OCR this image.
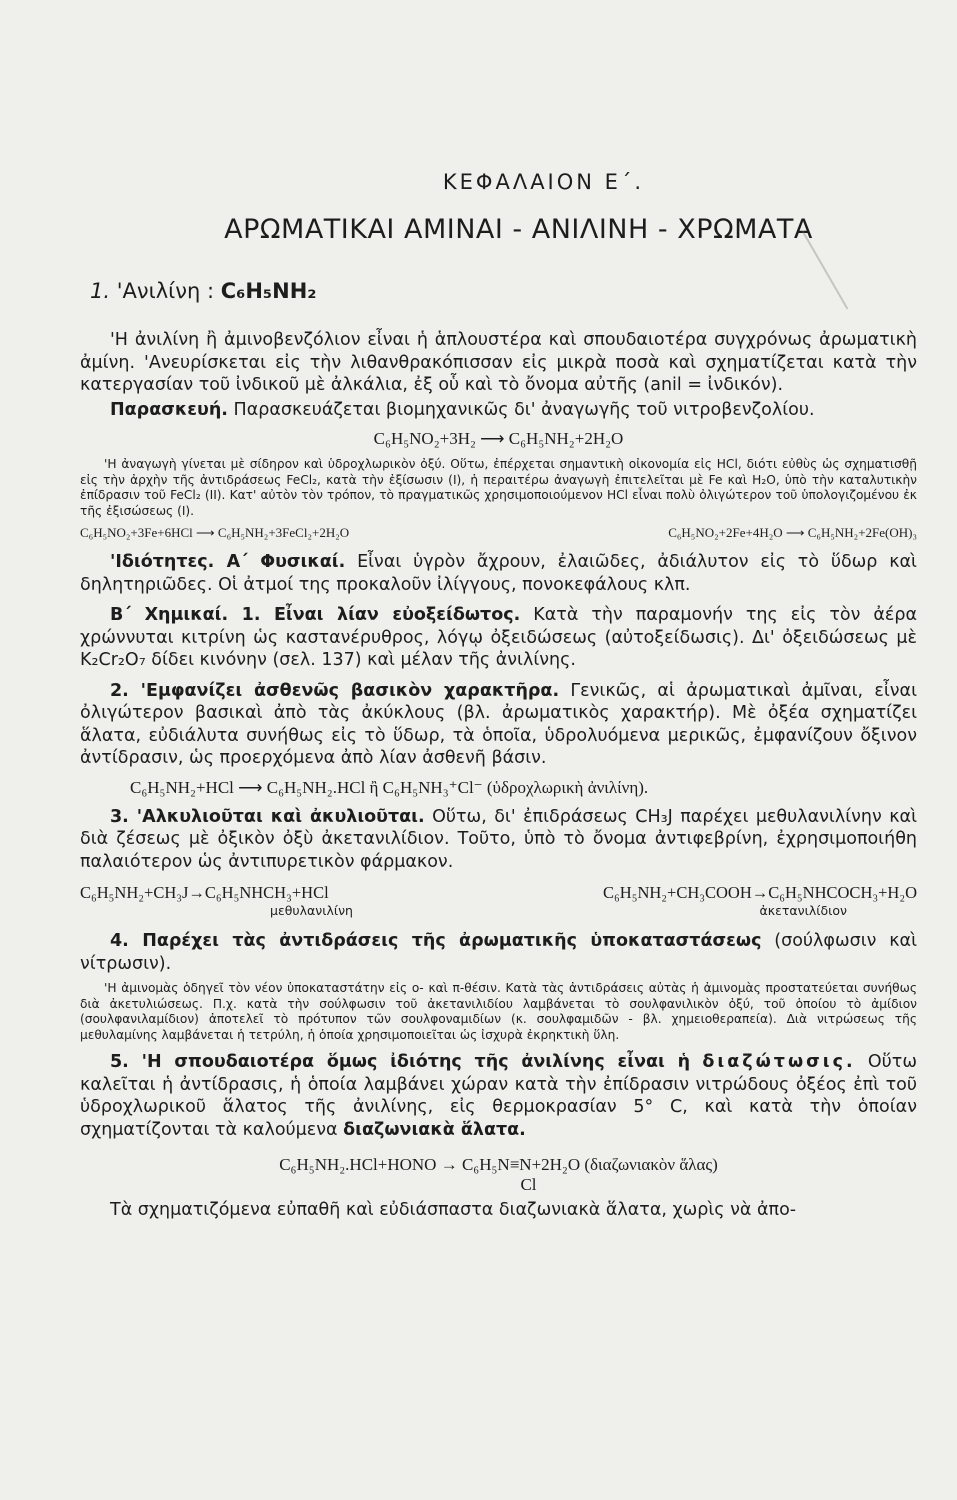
ΚΕΦΑΛΑΙΟΝ Ε΄.
ΑΡΩΜΑΤΙΚΑΙ ΑΜΙΝΑΙ - ΑΝΙΛΙΝΗ - ΧΡΩΜΑΤΑ
1. 'Ανιλίνη : C₆H₅NH₂

'Η ἀνιλίνη ἢ ἀμινοβενζόλιον εἶναι ἡ ἁπλουστέρα καὶ σπουδαιοτέρα συγχρόνως ἀρωματικὴ ἀμίνη. 'Ανευρίσκεται εἰς τὴν λιθανθρακόπισσαν εἰς μικρὰ ποσὰ καὶ σχηματίζεται κατὰ τὴν κατεργασίαν τοῦ ἰνδικοῦ μὲ ἀλκάλια, ἐξ οὗ καὶ τὸ ὄνομα αὐτῆς (anil = ἰνδικόν).

Παρασκευή. Παρασκευάζεται βιομηχανικῶς δι' ἀναγωγῆς τοῦ νιτροβενζολίου.

C₆H₅NO₂+3H₂ ⟶ C₆H₅NH₂+2H₂O

'Η ἀναγωγὴ γίνεται μὲ σίδηρον καὶ ὑδροχλωρικὸν ὀξύ. Οὕτω, ἐπέρχεται σημαντικὴ οἰκονομία εἰς HCl, διότι εὐθὺς ὡς σχηματισθῇ εἰς τὴν ἀρχὴν τῆς ἀντιδράσεως FeCl₂, κατὰ τὴν ἐξίσωσιν (I), ἡ περαιτέρω ἀναγωγὴ ἐπιτελεῖται μὲ Fe καὶ H₂O, ὑπὸ τὴν καταλυτικὴν ἐπίδρασιν τοῦ FeCl₂ (II). Κατ' αὐτὸν τὸν τρόπον, τὸ πραγματικῶς χρησιμοποιούμενον HCl εἶναι πολὺ ὀλιγώτερον τοῦ ὑπολογιζομένου ἐκ τῆς ἐξισώσεως (I).

C₆H₅NO₂+3Fe+6HCl ⟶ C₆H₅NH₂+3FeCl₂+2H₂O	C₆H₅NO₂+2Fe+4H₂O ⟶ C₆H₅NH₂+2Fe(OH)₃

'Ιδιότητες. Α΄ Φυσικαί. Εἶναι ὑγρὸν ἄχρουν, ἐλαιῶδες, ἀδιάλυτον εἰς τὸ ὕδωρ καὶ δηλητηριῶδες. Οἱ ἀτμοί της προκαλοῦν ἰλίγγους, πονοκεφάλους κλπ.

Β΄ Χημικαί. 1. Εἶναι λίαν εὐοξείδωτος. Κατὰ τὴν παραμονήν της εἰς τὸν ἀέρα χρώννυται κιτρίνη ὡς καστανέρυθρος, λόγῳ ὀξειδώσεως (αὐτοξείδωσις). Δι' ὀξειδώσεως μὲ K₂Cr₂O₇ δίδει κινόνην (σελ. 137) καὶ μέλαν τῆς ἀνιλίνης.

2. 'Εμφανίζει ἀσθενῶς βασικὸν χαρακτῆρα. Γενικῶς, αἱ ἀρωματικαὶ ἀμῖναι, εἶναι ὀλιγώτερον βασικαὶ ἀπὸ τὰς ἀκύκλους (βλ. ἀρωματικὸς χαρακτήρ). Μὲ ὀξέα σχηματίζει ἅλατα, εὐδιάλυτα συνήθως εἰς τὸ ὕδωρ, τὰ ὁποῖα, ὑδρολυόμενα μερικῶς, ἐμφανίζουν ὄξινον ἀντίδρασιν, ὡς προερχόμενα ἀπὸ λίαν ἀσθενῆ βάσιν.

C₆H₅NH₂+HCl ⟶ C₆H₅NH₂.HCl ἢ C₆H₅NH₃⁺Cl⁻ (ὑδροχλωρικὴ ἀνιλίνη).

3. 'Αλκυλιοῦται καὶ ἀκυλιοῦται. Οὕτω, δι' ἐπιδράσεως CH₃J παρέχει μεθυλανιλίνην καὶ διὰ ζέσεως μὲ ὀξικὸν ὀξὺ ἀκετανιλίδιον. Τοῦτο, ὑπὸ τὸ ὄνομα ἀντιφεβρίνη, ἐχρησιμοποιήθη παλαιότερον ὡς ἀντιπυρετικὸν φάρμακον.

C₆H₅NH₂+CH₃J→C₆H₅NHCH₃+HCl	C₆H₅NH₂+CH₃COOH→C₆H₅NHCOCH₃+H₂O
μεθυλανιλίνη	ἀκετανιλίδιον

4. Παρέχει τὰς ἀντιδράσεις τῆς ἀρωματικῆς ὑποκαταστάσεως (σούλφωσιν καὶ νίτρωσιν).

'Η ἀμινομὰς ὁδηγεῖ τὸν νέον ὑποκαταστάτην εἰς ο- καὶ π-θέσιν. Κατὰ τὰς ἀντιδράσεις αὐτὰς ἡ ἀμινομὰς προστατεύεται συνήθως διὰ ἀκετυλιώσεως. Π.χ. κατὰ τὴν σούλφωσιν τοῦ ἀκετανιλιδίου λαμβάνεται τὸ σουλφανιλικὸν ὀξύ, τοῦ ὁποίου τὸ ἀμίδιον (σουλφανιλαμίδιον) ἀποτελεῖ τὸ πρότυπον τῶν σουλφοναμιδίων (κ. σουλφαμιδῶν - βλ. χημειοθεραπεία). Διὰ νιτρώσεως τῆς μεθυλαμίνης λαμβάνεται ἡ τετρύλη, ἡ ὁποία χρησιμοποιεῖται ὡς ἰσχυρὰ ἐκρηκτικὴ ὕλη.

5. 'Η σπουδαιοτέρα ὅμως ἰδιότης τῆς ἀνιλίνης εἶναι ἡ διαζώτωσις. Οὕτω καλεῖται ἡ ἀντίδρασις, ἡ ὁποία λαμβάνει χώραν κατὰ τὴν ἐπίδρασιν νιτρώδους ὀξέος ἐπὶ τοῦ ὑδροχλωρικοῦ ἅλατος τῆς ἀνιλίνης, εἰς θερμοκρασίαν 5° C, καὶ κατὰ τὴν ὁποίαν σχηματίζονται τὰ καλούμενα διαζωνιακὰ ἅλατα.

C₆H₅NH₂.HCl+HONO → C₆H₅N≡N+2H₂O (διαζωνιακὸν ἅλας)
Cl

Τὰ σχηματιζόμενα εὐπαθῆ καὶ εὐδιάσπαστα διαζωνιακὰ ἅλατα, χωρὶς νὰ ἀπο-
